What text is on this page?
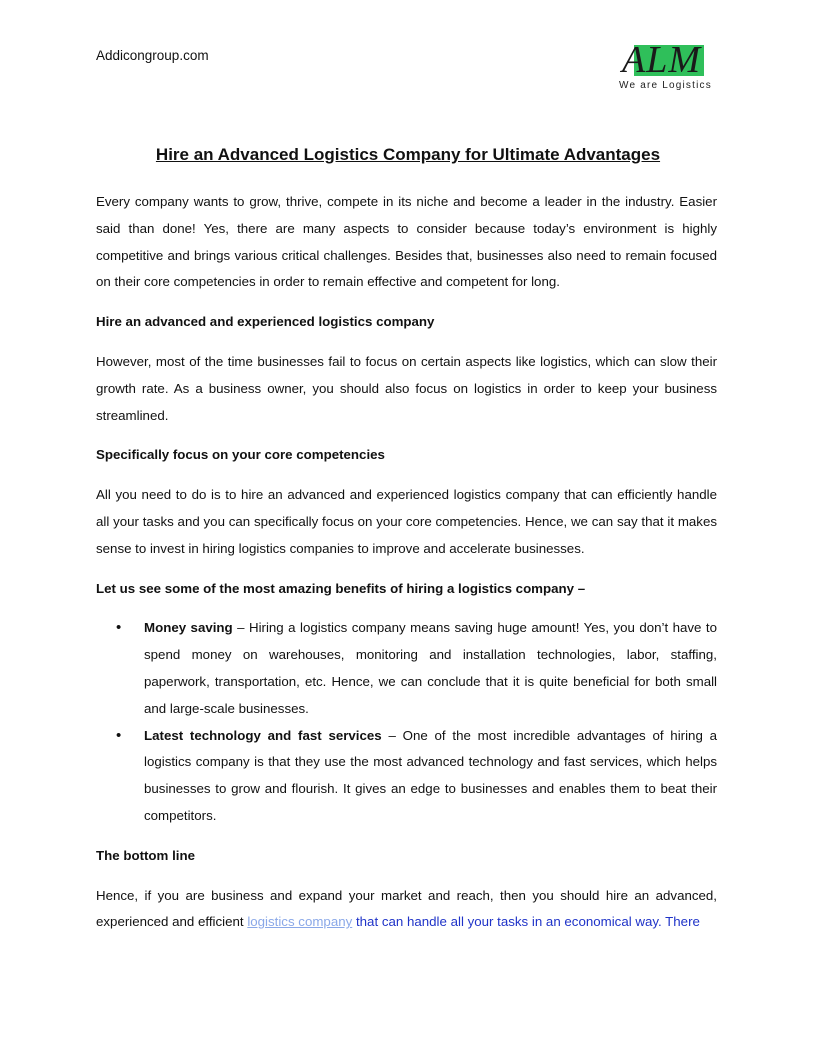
Addicongroup.com	ALM
We are Logistics
Hire an Advanced Logistics Company for Ultimate Advantages

Every company wants to grow, thrive, compete in its niche and become a leader in the industry. Easier said than done! Yes, there are many aspects to consider because today’s environment is highly competitive and brings various critical challenges. Besides that, businesses also need to remain focused on their core competencies in order to remain effective and competent for long.

Hire an advanced and experienced logistics company

However, most of the time businesses fail to focus on certain aspects like logistics, which can slow their growth rate. As a business owner, you should also focus on logistics in order to keep your business streamlined.

Specifically focus on your core competencies

All you need to do is to hire an advanced and experienced logistics company that can efficiently handle all your tasks and you can specifically focus on your core competencies. Hence, we can say that it makes sense to invest in hiring logistics companies to improve and accelerate businesses.

Let us see some of the most amazing benefits of hiring a logistics company –

• Money saving – Hiring a logistics company means saving huge amount! Yes, you don’t have to spend money on warehouses, monitoring and installation technologies, labor, staffing, paperwork, transportation, etc. Hence, we can conclude that it is quite beneficial for both small and large-scale businesses.
• Latest technology and fast services – One of the most incredible advantages of hiring a logistics company is that they use the most advanced technology and fast services, which helps businesses to grow and flourish. It gives an edge to businesses and enables them to beat their competitors.

The bottom line

Hence, if you are business and expand your market and reach, then you should hire an advanced, experienced and efficient logistics company that can handle all your tasks in an economical way. There
